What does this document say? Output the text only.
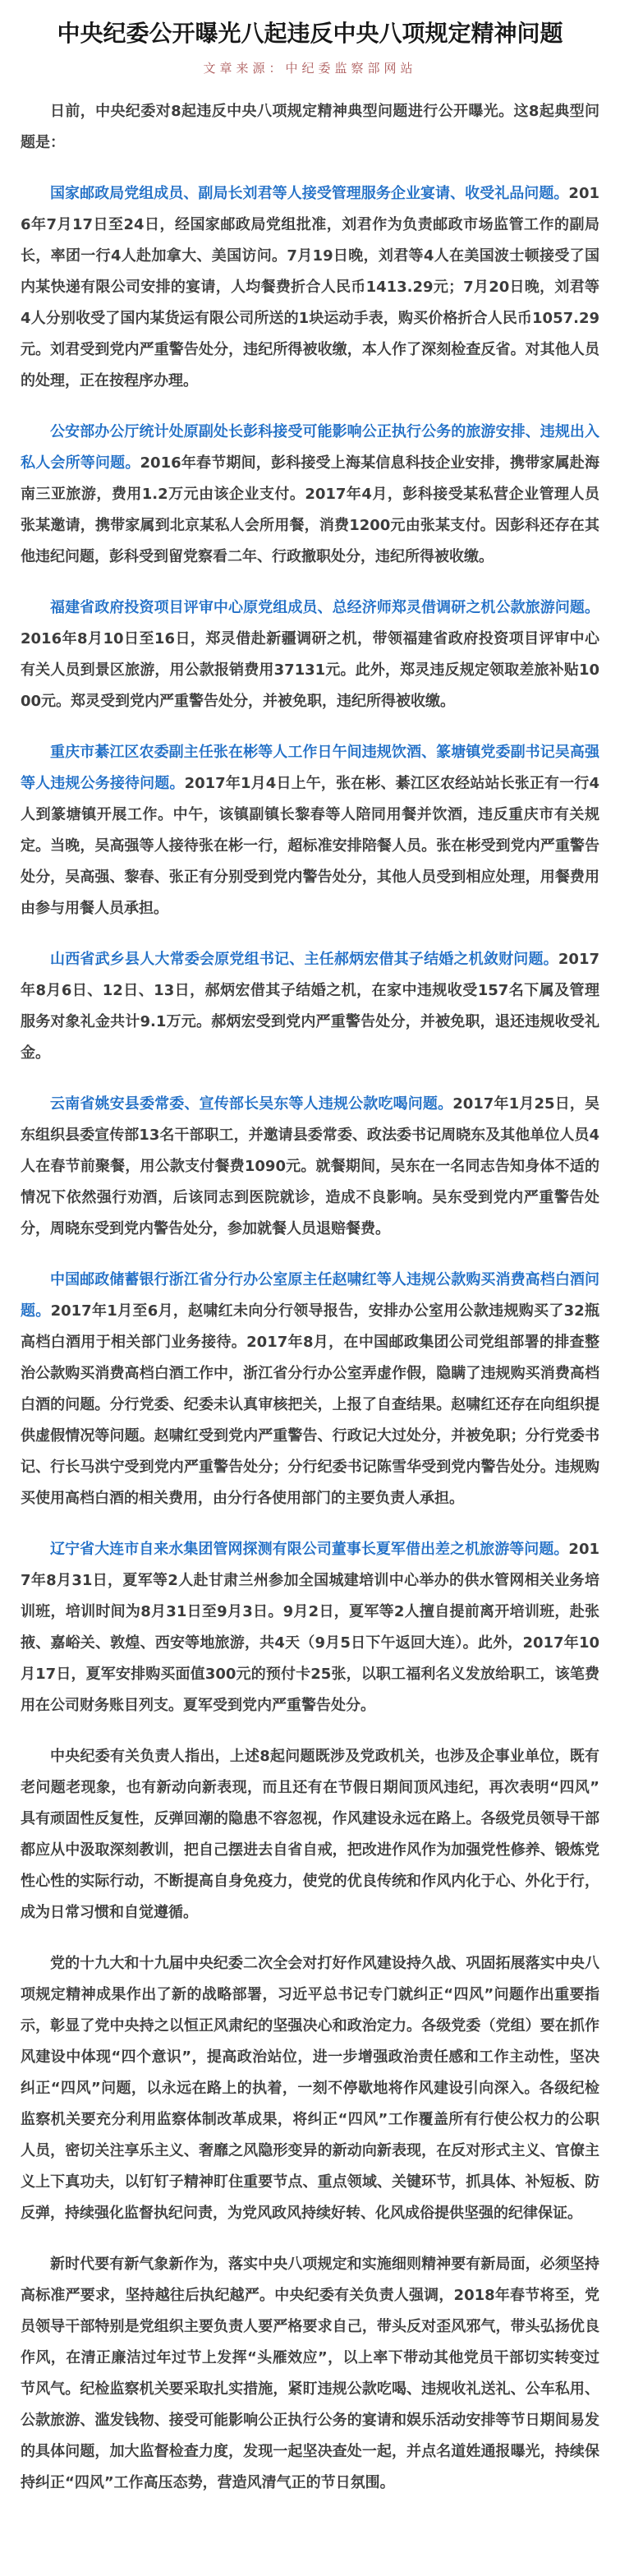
中央纪委公开曝光八起违反中央八项规定精神问题
文章来源：中纪委监察部网站

日前，中央纪委对8起违反中央八项规定精神典型问题进行公开曝光。这8起典型问题是：

国家邮政局党组成员、副局长刘君等人接受管理服务企业宴请、收受礼品问题。2016年7月17日至24日，经国家邮政局党组批准，刘君作为负责邮政市场监管工作的副局长，率团一行4人赴加拿大、美国访问。7月19日晚，刘君等4人在美国波士顿接受了国内某快递有限公司安排的宴请，人均餐费折合人民币1413.29元；7月20日晚，刘君等4人分别收受了国内某货运有限公司所送的1块运动手表，购买价格折合人民币1057.29元。刘君受到党内严重警告处分，违纪所得被收缴，本人作了深刻检查反省。对其他人员的处理，正在按程序办理。

公安部办公厅统计处原副处长彭科接受可能影响公正执行公务的旅游安排、违规出入私人会所等问题。2016年春节期间，彭科接受上海某信息科技企业安排，携带家属赴海南三亚旅游，费用1.2万元由该企业支付。2017年4月，彭科接受某私营企业管理人员张某邀请，携带家属到北京某私人会所用餐，消费1200元由张某支付。因彭科还存在其他违纪问题，彭科受到留党察看二年、行政撤职处分，违纪所得被收缴。

福建省政府投资项目评审中心原党组成员、总经济师郑灵借调研之机公款旅游问题。2016年8月10日至16日，郑灵借赴新疆调研之机，带领福建省政府投资项目评审中心有关人员到景区旅游，用公款报销费用37131元。此外，郑灵违反规定领取差旅补贴1000元。郑灵受到党内严重警告处分，并被免职，违纪所得被收缴。

重庆市綦江区农委副主任张在彬等人工作日午间违规饮酒、篆塘镇党委副书记吴高强等人违规公务接待问题。2017年1月4日上午，张在彬、綦江区农经站站长张正有一行4人到篆塘镇开展工作。中午，该镇副镇长黎春等人陪同用餐并饮酒，违反重庆市有关规定。当晚，吴高强等人接待张在彬一行，超标准安排陪餐人员。张在彬受到党内严重警告处分，吴高强、黎春、张正有分别受到党内警告处分，其他人员受到相应处理，用餐费用由参与用餐人员承担。

山西省武乡县人大常委会原党组书记、主任郝炳宏借其子结婚之机敛财问题。2017年8月6日、12日、13日，郝炳宏借其子结婚之机，在家中违规收受157名下属及管理服务对象礼金共计9.1万元。郝炳宏受到党内严重警告处分，并被免职，退还违规收受礼金。

云南省姚安县委常委、宣传部长吴东等人违规公款吃喝问题。2017年1月25日，吴东组织县委宣传部13名干部职工，并邀请县委常委、政法委书记周晓东及其他单位人员4人在春节前聚餐，用公款支付餐费1090元。就餐期间，吴东在一名同志告知身体不适的情况下依然强行劝酒，后该同志到医院就诊，造成不良影响。吴东受到党内严重警告处分，周晓东受到党内警告处分，参加就餐人员退赔餐费。

中国邮政储蓄银行浙江省分行办公室原主任赵啸红等人违规公款购买消费高档白酒问题。2017年1月至6月，赵啸红未向分行领导报告，安排办公室用公款违规购买了32瓶高档白酒用于相关部门业务接待。2017年8月，在中国邮政集团公司党组部署的排查整治公款购买消费高档白酒工作中，浙江省分行办公室弄虚作假，隐瞒了违规购买消费高档白酒的问题。分行党委、纪委未认真审核把关，上报了自查结果。赵啸红还存在向组织提供虚假情况等问题。赵啸红受到党内严重警告、行政记大过处分，并被免职；分行党委书记、行长马洪宁受到党内严重警告处分；分行纪委书记陈雪华受到党内警告处分。违规购买使用高档白酒的相关费用，由分行各使用部门的主要负责人承担。

辽宁省大连市自来水集团管网探测有限公司董事长夏军借出差之机旅游等问题。2017年8月31日，夏军等2人赴甘肃兰州参加全国城建培训中心举办的供水管网相关业务培训班，培训时间为8月31日至9月3日。9月2日，夏军等2人擅自提前离开培训班，赴张掖、嘉峪关、敦煌、西安等地旅游，共4天（9月5日下午返回大连）。此外，2017年10月17日，夏军安排购买面值300元的预付卡25张，以职工福利名义发放给职工，该笔费用在公司财务账目列支。夏军受到党内严重警告处分。

中央纪委有关负责人指出，上述8起问题既涉及党政机关，也涉及企事业单位，既有老问题老现象，也有新动向新表现，而且还有在节假日期间顶风违纪，再次表明“四风”具有顽固性反复性，反弹回潮的隐患不容忽视，作风建设永远在路上。各级党员领导干部都应从中汲取深刻教训，把自己摆进去自省自戒，把改进作风作为加强党性修养、锻炼党性心性的实际行动，不断提高自身免疫力，使党的优良传统和作风内化于心、外化于行，成为日常习惯和自觉遵循。

党的十九大和十九届中央纪委二次全会对打好作风建设持久战、巩固拓展落实中央八项规定精神成果作出了新的战略部署，习近平总书记专门就纠正“四风”问题作出重要指示，彰显了党中央持之以恒正风肃纪的坚强决心和政治定力。各级党委（党组）要在抓作风建设中体现“四个意识”，提高政治站位，进一步增强政治责任感和工作主动性，坚决纠正“四风”问题，以永远在路上的执着，一刻不停歇地将作风建设引向深入。各级纪检监察机关要充分利用监察体制改革成果，将纠正“四风”工作覆盖所有行使公权力的公职人员，密切关注享乐主义、奢靡之风隐形变异的新动向新表现，在反对形式主义、官僚主义上下真功夫，以钉钉子精神盯住重要节点、重点领域、关键环节，抓具体、补短板、防反弹，持续强化监督执纪问责，为党风政风持续好转、化风成俗提供坚强的纪律保证。

新时代要有新气象新作为，落实中央八项规定和实施细则精神要有新局面，必须坚持高标准严要求，坚持越往后执纪越严。中央纪委有关负责人强调，2018年春节将至，党员领导干部特别是党组织主要负责人要严格要求自己，带头反对歪风邪气，带头弘扬优良作风，在清正廉洁过年过节上发挥“头雁效应”，以上率下带动其他党员干部切实转变过节风气。纪检监察机关要采取扎实措施，紧盯违规公款吃喝、违规收礼送礼、公车私用、公款旅游、滥发钱物、接受可能影响公正执行公务的宴请和娱乐活动安排等节日期间易发的具体问题，加大监督检查力度，发现一起坚决查处一起，并点名道姓通报曝光，持续保持纠正“四风”工作高压态势，营造风清气正的节日氛围。
